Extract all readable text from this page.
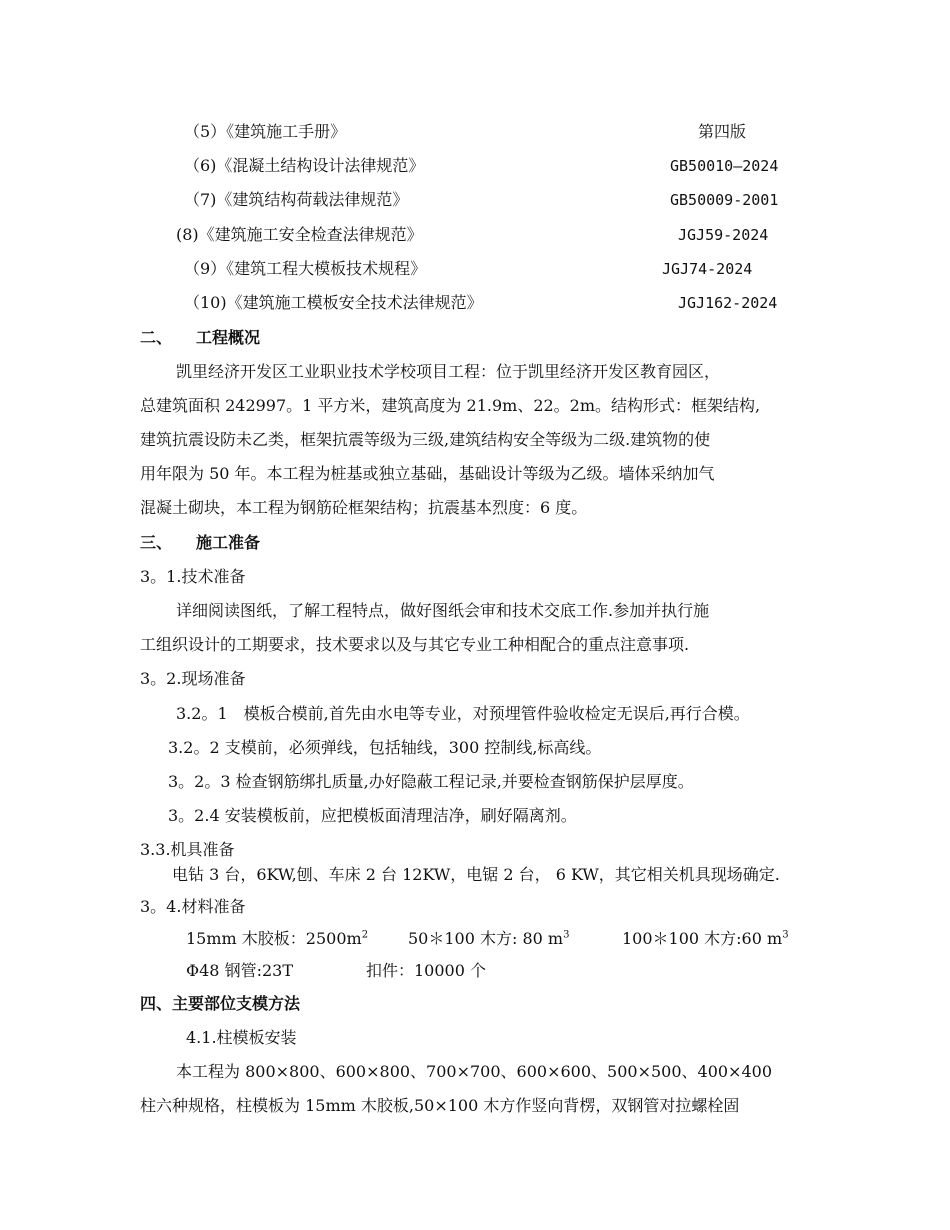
（5）《建筑施工手册》	第四版
（6)《混凝土结构设计法律规范》	GB50010—2024
（7)《建筑结构荷载法律规范》	GB50009-2001
(8)《建筑施工安全检查法律规范》	JGJ59-2024
（9）《建筑工程大模板技术规程》	JGJ74-2024
（10)《建筑施工模板安全技术法律规范》	JGJ162-2024
二、 工程概况
凯里经济开发区工业职业技术学校项目工程：位于凯里经济开发区教育园区，
总建筑面积 242997。1 平方米，建筑高度为 21.9m、22。2m。结构形式：框架结构,
建筑抗震设防未乙类，框架抗震等级为三级,建筑结构安全等级为二级.建筑物的使
用年限为 50 年。本工程为桩基或独立基础，基础设计等级为乙级。墙体采纳加气
混凝土砌块，本工程为钢筋砼框架结构；抗震基本烈度：6 度。
三、 施工准备
3。1.技术准备
详细阅读图纸，了解工程特点，做好图纸会审和技术交底工作.参加并执行施
工组织设计的工期要求，技术要求以及与其它专业工种相配合的重点注意事项.
3。2.现场准备
3.2。1　模板合模前,首先由水电等专业，对预埋管件验收检定无误后,再行合模。
3.2。2 支模前，必须弹线，包括轴线，300 控制线,标高线。
3。2。3 检查钢筋绑扎质量,办好隐蔽工程记录,并要检查钢筋保护层厚度。
3。2.4 安装模板前，应把模板面清理洁净，刷好隔离剂。
3.3.机具准备
电钻 3 台，6KW,刨、车床 2 台 12KW，电锯 2 台， 6 KW，其它相关机具现场确定.
3。4.材料准备
15mm 木胶板：$2500m^2$ 50＊100 木方: 80 $m^3$	100＊100 木方:60 $m^3$
Φ48 钢管:23T	扣件：10000 个
四、主要部位支模方法
4.1.柱模板安装
本工程为 800×800、600×800、700×700、600×600、500×500、400×400
柱六种规格，柱模板为 15mm 木胶板,50×100 木方作竖向背楞，双钢管对拉螺栓固
